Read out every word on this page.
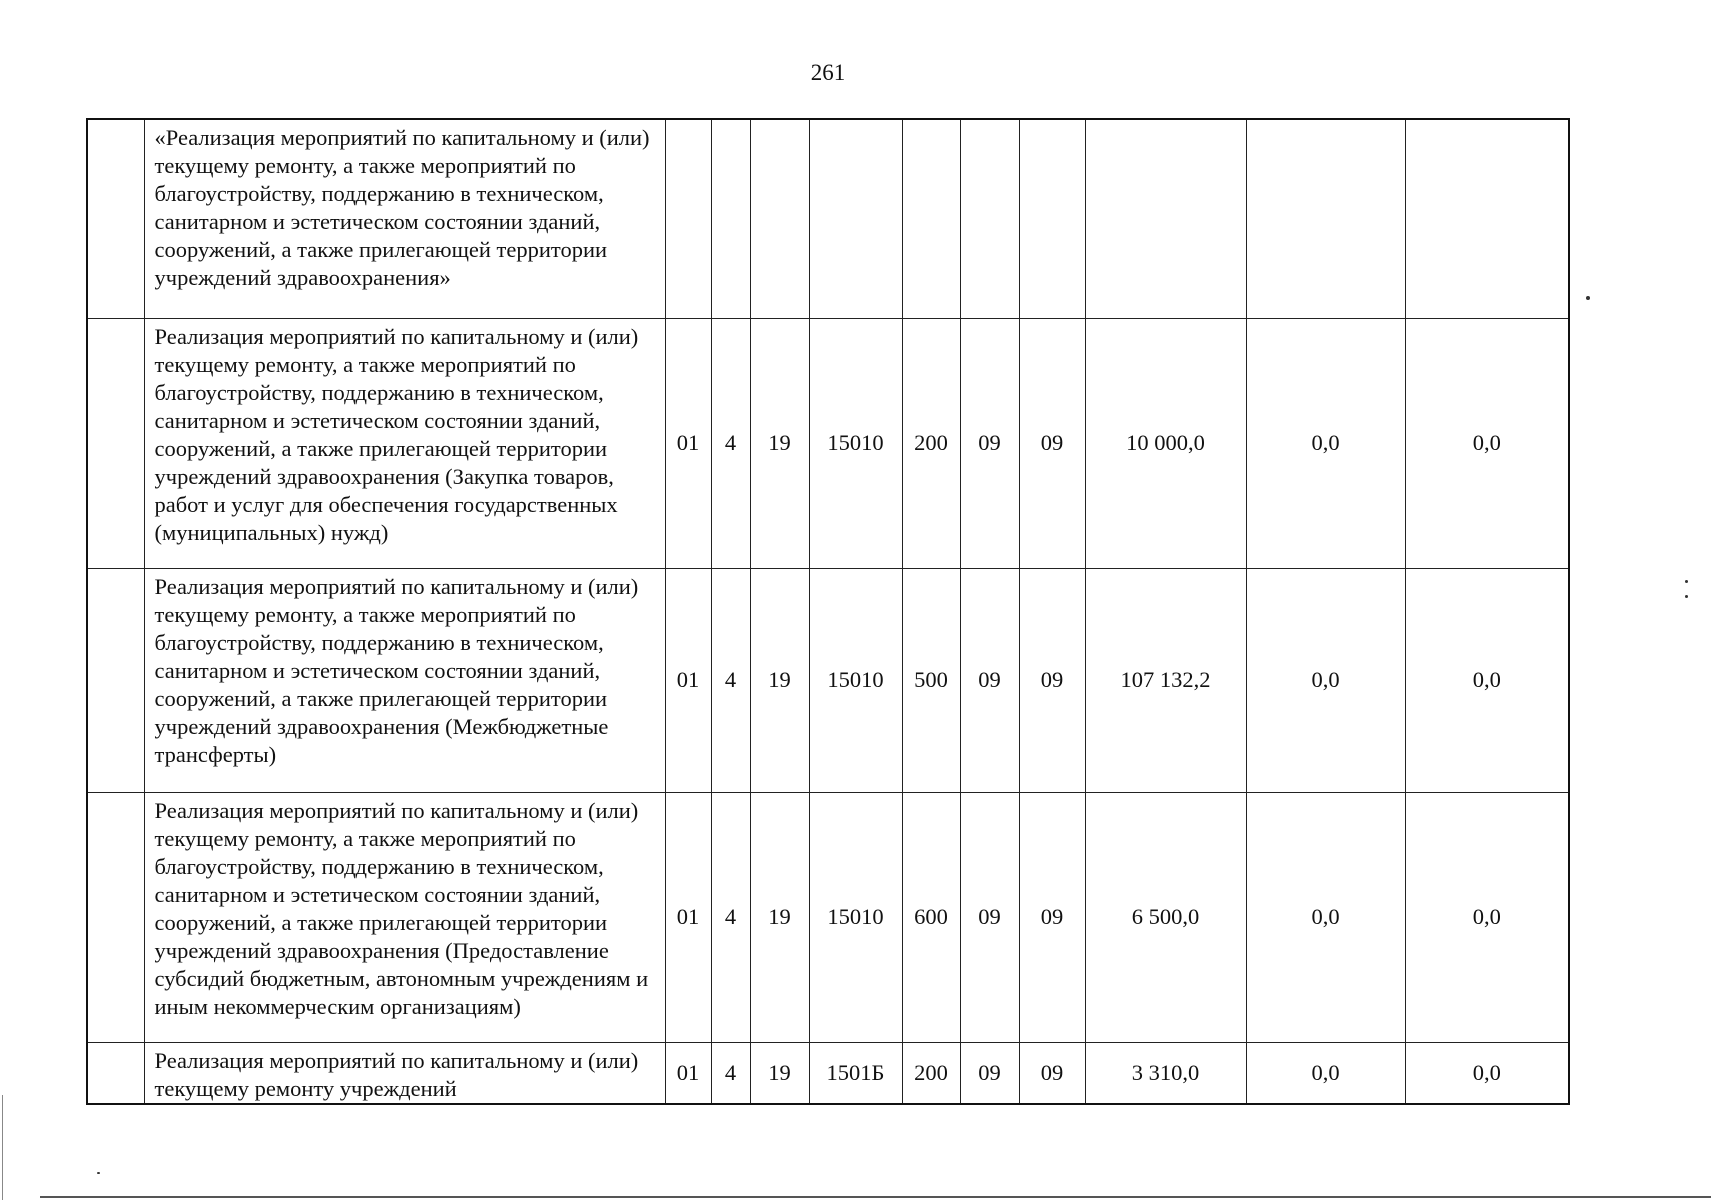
261
	«Реализация мероприятий по капитальному и (или) текущему ремонту, а также мероприятий по благоустройству, поддержанию в техническом, санитарном и эстетическом состоянии зданий, сооружений, а также прилегающей территории учреждений здравоохранения»										
	Реализация мероприятий по капитальному и (или) текущему ремонту, а также мероприятий по благоустройству, поддержанию в техническом, санитарном и эстетическом состоянии зданий, сооружений, а также прилегающей территории учреждений здравоохранения (Закупка товаров, работ и услуг для обеспечения государственных (муниципальных) нужд)	01	4	19	15010	200	09	09	10 000,0	0,0	0,0
	Реализация мероприятий по капитальному и (или) текущему ремонту, а также мероприятий по благоустройству, поддержанию в техническом, санитарном и эстетическом состоянии зданий, сооружений, а также прилегающей территории учреждений здравоохранения (Межбюджетные трансферты)	01	4	19	15010	500	09	09	107 132,2	0,0	0,0
	Реализация мероприятий по капитальному и (или) текущему ремонту, а также мероприятий по благоустройству, поддержанию в техническом, санитарном и эстетическом состоянии зданий, сооружений, а также прилегающей территории учреждений здравоохранения (Предоставление субсидий бюджетным, автономным учреждениям и иным некоммерческим организациям)	01	4	19	15010	600	09	09	6 500,0	0,0	0,0
	Реализация мероприятий по капитальному и (или) текущему ремонту учреждений	01	4	19	1501Б	200	09	09	3 310,0	0,0	0,0
